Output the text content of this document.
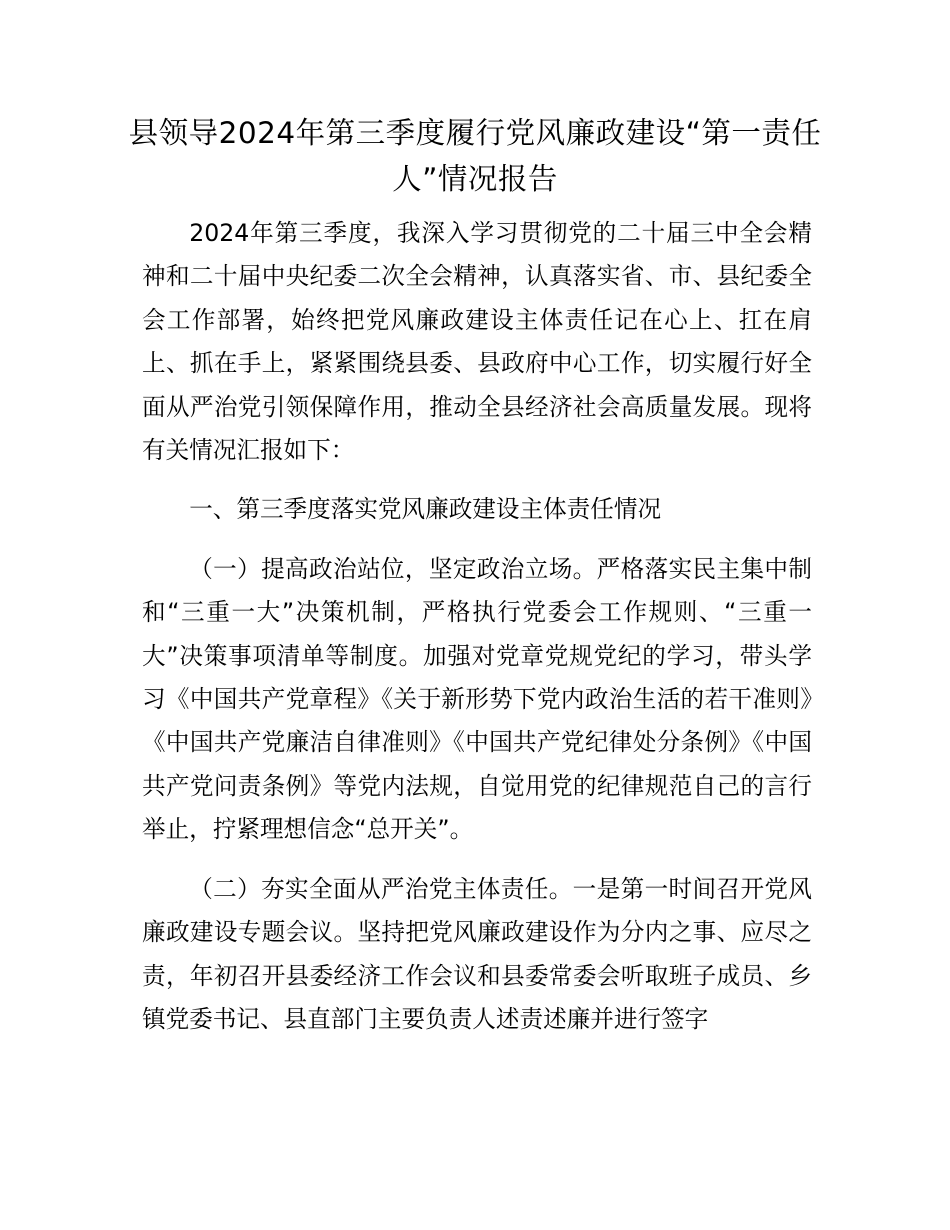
县领导2024年第三季度履行党风廉政建设“第一责任人”情况报告

2024年第三季度，我深入学习贯彻党的二十届三中全会精神和二十届中央纪委二次全会精神，认真落实省、市、县纪委全会工作部署，始终把党风廉政建设主体责任记在心上、扛在肩上、抓在手上，紧紧围绕县委、县政府中心工作，切实履行好全面从严治党引领保障作用，推动全县经济社会高质量发展。现将有关情况汇报如下：

一、第三季度落实党风廉政建设主体责任情况

（一）提高政治站位，坚定政治立场。严格落实民主集中制和“三重一大”决策机制，严格执行党委会工作规则、“三重一大”决策事项清单等制度。加强对党章党规党纪的学习，带头学习《中国共产党章程》《关于新形势下党内政治生活的若干准则》《中国共产党廉洁自律准则》《中国共产党纪律处分条例》《中国共产党问责条例》等党内法规，自觉用党的纪律规范自己的言行举止，拧紧理想信念“总开关”。

（二）夯实全面从严治党主体责任。一是第一时间召开党风廉政建设专题会议。坚持把党风廉政建设作为分内之事、应尽之责，年初召开县委经济工作会议和县委常委会听取班子成员、乡镇党委书记、县直部门主要负责人述责述廉并进行签字
